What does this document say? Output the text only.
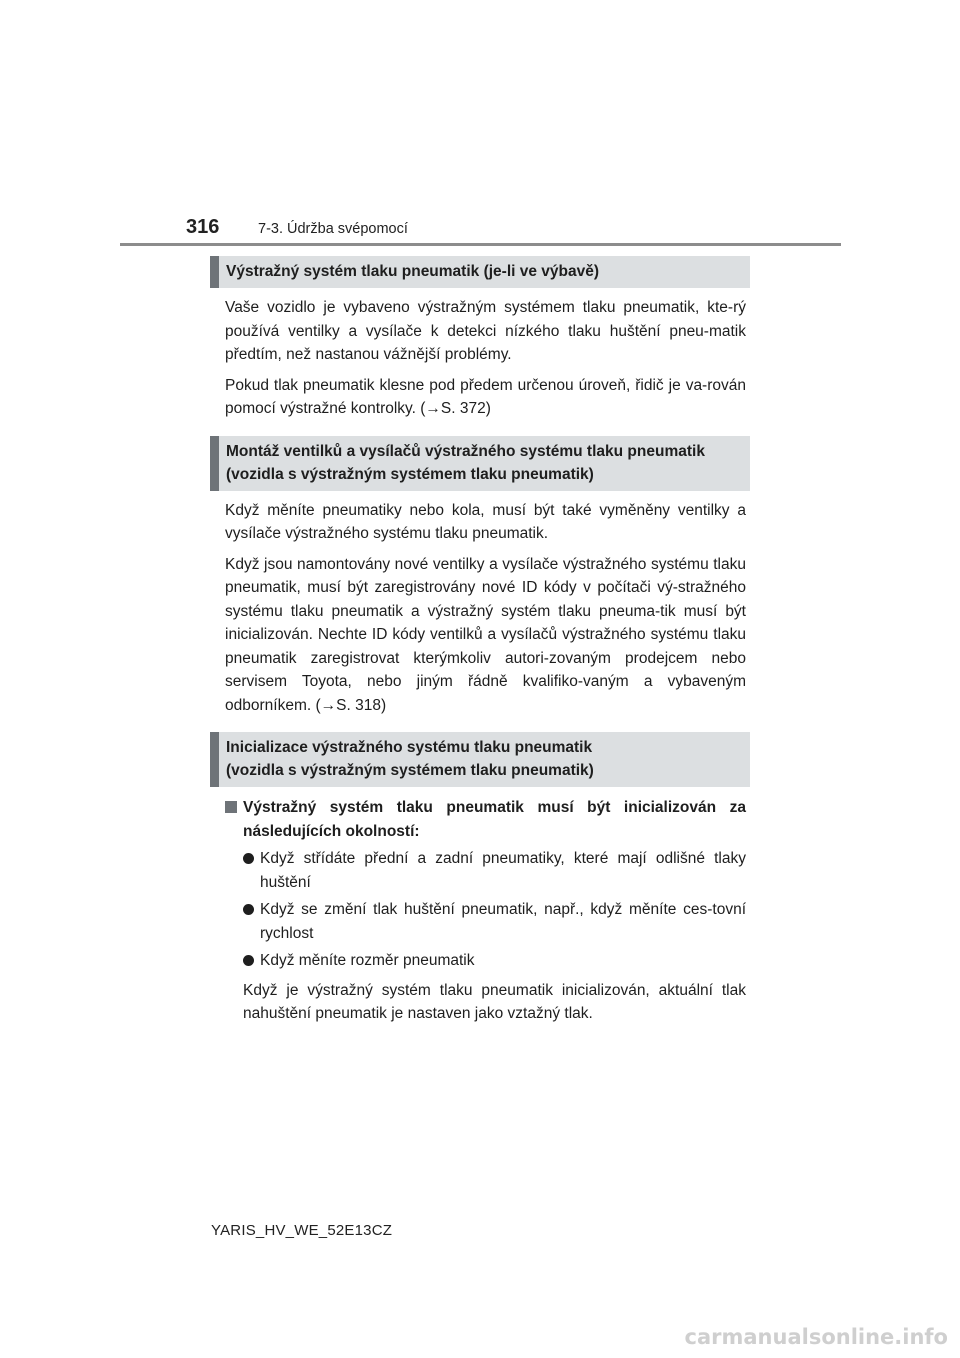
316	7-3. Údržba svépomocí
Výstražný systém tlaku pneumatik (je-li ve výbavě)

Vaše vozidlo je vybaveno výstražným systémem tlaku pneumatik, kte-rý používá ventilky a vysílače k detekci nízkého tlaku huštění pneu-matik předtím, než nastanou vážnější problémy.

Pokud tlak pneumatik klesne pod předem určenou úroveň, řidič je va-rován pomocí výstražné kontrolky. (→S. 372)

Montáž ventilků a vysílačů výstražného systému tlaku pneumatik
(vozidla s výstražným systémem tlaku pneumatik)

Když měníte pneumatiky nebo kola, musí být také vyměněny ventilky a vysílače výstražného systému tlaku pneumatik.

Když jsou namontovány nové ventilky a vysílače výstražného systému tlaku pneumatik, musí být zaregistrovány nové ID kódy v počítači vý-stražného systému tlaku pneumatik a výstražný systém tlaku pneuma-tik musí být inicializován. Nechte ID kódy ventilků a vysílačů výstražného systému tlaku pneumatik zaregistrovat kterýmkoliv autori-zovaným prodejcem nebo servisem Toyota, nebo jiným řádně kvalifiko-vaným a vybaveným odborníkem. (→S. 318)

Inicializace výstražného systému tlaku pneumatik
(vozidla s výstražným systémem tlaku pneumatik)
Výstražný systém tlaku pneumatik musí být inicializován za následujících okolností:
Když střídáte přední a zadní pneumatiky, které mají odlišné tlaky huštění
Když se změní tlak huštění pneumatik, např., když měníte ces-tovní rychlost
Když měníte rozměr pneumatik

Když je výstražný systém tlaku pneumatik inicializován, aktuální tlak nahuštění pneumatik je nastaven jako vztažný tlak.

YARIS_HV_WE_52E13CZ
carmanualsonline.info
